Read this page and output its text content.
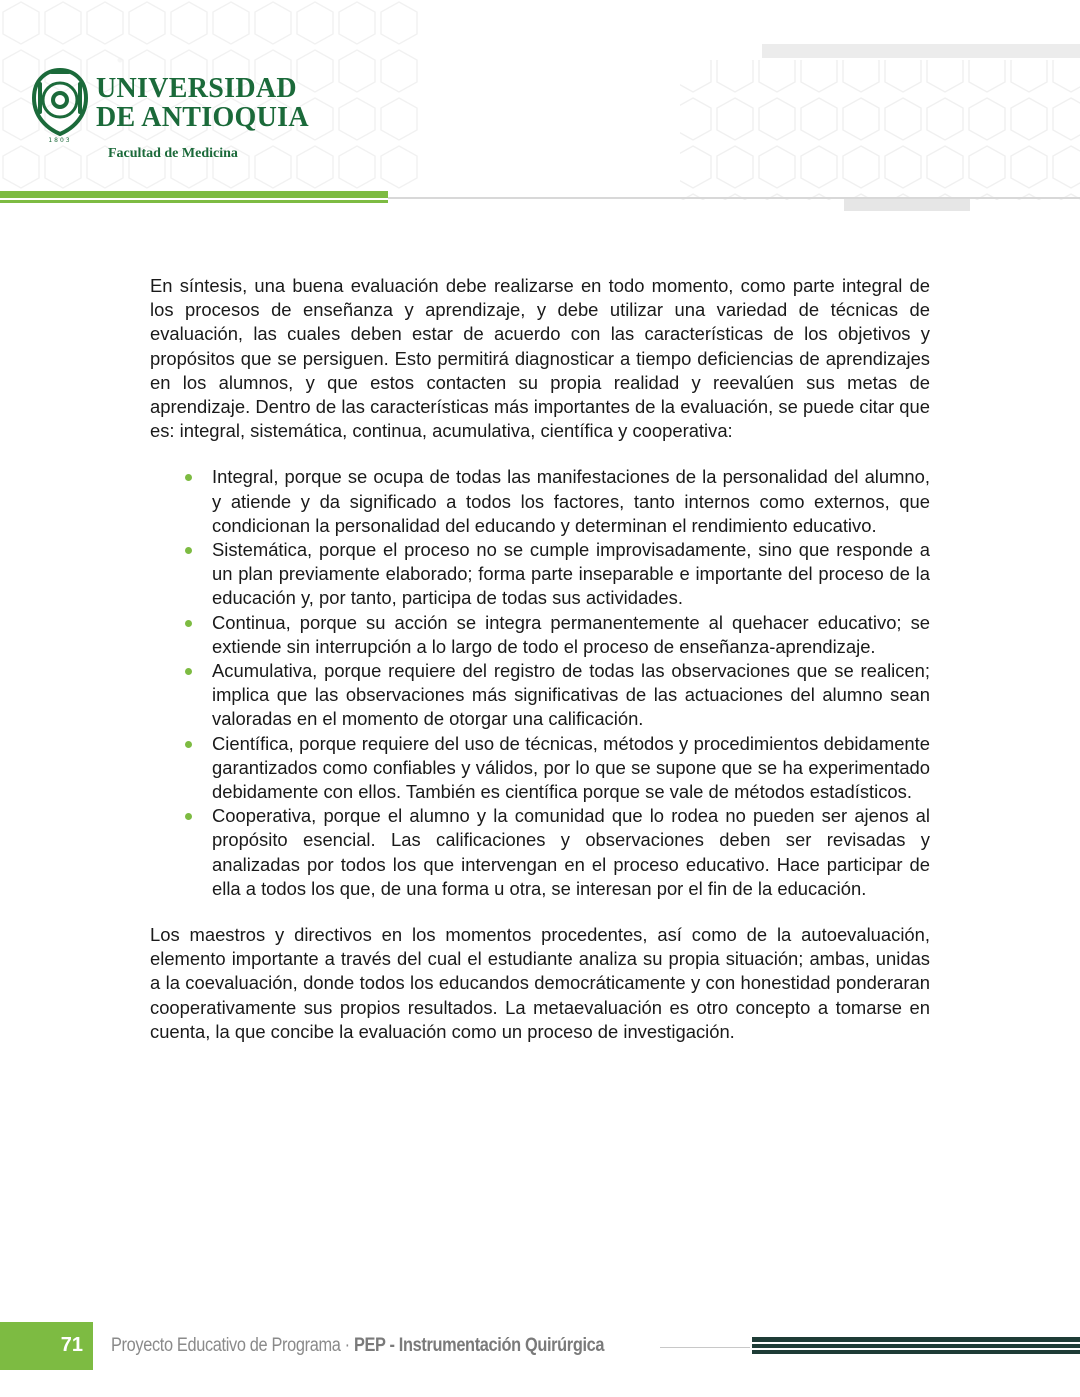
1803
UNIVERSIDAD
DE ANTIOQUIA
Facultad de Medicina

En síntesis, una buena evaluación debe realizarse en todo momento, como parte integral de los procesos de enseñanza y aprendizaje, y debe utilizar una variedad de técnicas de evaluación, las cuales deben estar de acuerdo con las características de los objetivos y propósitos que se persiguen. Esto permitirá diagnosticar a tiempo deficiencias de aprendizajes en los alumnos, y que estos contacten su propia realidad y reevalúen sus metas de aprendizaje. Dentro de las características más importantes de la evaluación, se puede citar que es: integral, sistemática, continua, acumulativa, científica y cooperativa:

Integral, porque se ocupa de todas las manifestaciones de la personalidad del alumno, y atiende y da significado a todos los factores, tanto internos como externos, que condicionan la personalidad del educando y determinan el rendimiento educativo.
Sistemática, porque el proceso no se cumple improvisadamente, sino que responde a un plan previamente elaborado; forma parte inseparable e importante del proceso de la educación y, por tanto, participa de todas sus actividades.
Continua, porque su acción se integra permanentemente al quehacer educativo; se extiende sin interrupción a lo largo de todo el proceso de enseñanza-aprendizaje.
Acumulativa, porque requiere del registro de todas las observaciones que se realicen; implica que las observaciones más significativas de las actuaciones del alumno sean valoradas en el momento de otorgar una calificación.
Científica, porque requiere del uso de técnicas, métodos y procedimientos debidamente garantizados como confiables y válidos, por lo que se supone que se ha experimentado debidamente con ellos. También es científica porque se vale de métodos estadísticos.
Cooperativa, porque el alumno y la comunidad que lo rodea no pueden ser ajenos al propósito esencial. Las calificaciones y observaciones deben ser revisadas y analizadas por todos los que intervengan en el proceso educativo. Hace participar de ella a todos los que, de una forma u otra, se interesan por el fin de la educación.

Los maestros y directivos en los momentos procedentes, así como de la autoevaluación, elemento importante a través del cual el estudiante analiza su propia situación; ambas, unidas a la coevaluación, donde todos los educandos democráticamente y con honestidad ponderaran cooperativamente sus propios resultados. La metaevaluación es otro concepto a tomarse en cuenta, la que concibe la evaluación como un proceso de investigación.

71 Proyecto Educativo de Programa · PEP - Instrumentación Quirúrgica
